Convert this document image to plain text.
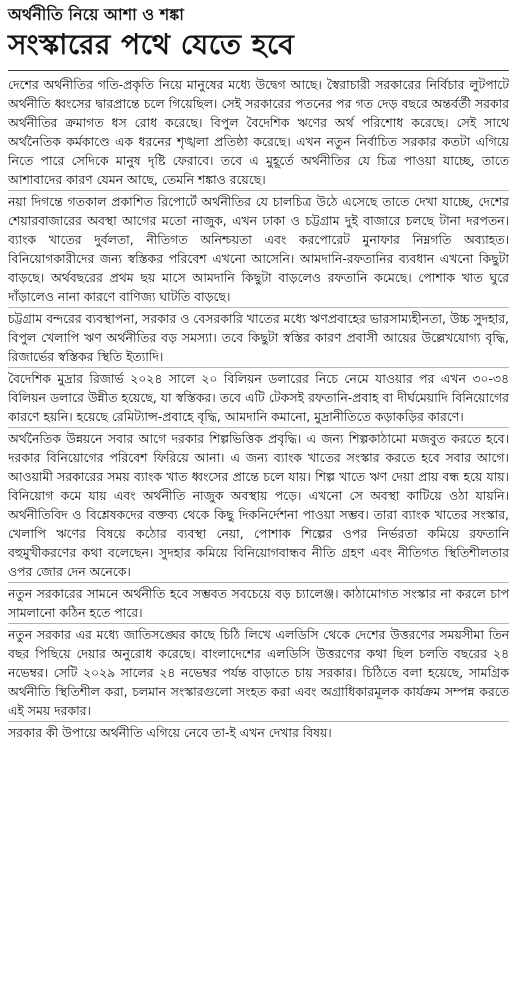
অর্থনীতি নিয়ে আশা ও শঙ্কা
সংস্কারের পথে যেতে হবে

দেশের অর্থনীতির গতি-প্রকৃতি নিয়ে মানুষের মধ্যে উদ্বেগ আছে। স্বৈরাচারী সরকারের নির্বিচার লুটপাটে অর্থনীতি ধ্বংসের দ্বারপ্রান্তে চলে গিয়েছিল। সেই সরকারের পতনের পর গত দেড় বছরে অন্তর্বর্তী সরকার অর্থনীতির ক্রমাগত ধস রোধ করেছে। বিপুল বৈদেশিক ঋণের অর্থ পরিশোধ করেছে। সেই সাথে অর্থনৈতিক কর্মকাণ্ডে এক ধরনের শৃঙ্খলা প্রতিষ্ঠা করেছে। এখন নতুন নির্বাচিত সরকার কতটা এগিয়ে নিতে পারে সেদিকে মানুষ দৃষ্টি ফেরাবে। তবে এ মুহূর্তে অর্থনীতির যে চিত্র পাওয়া যাচ্ছে, তাতে আশাবাদের কারণ যেমন আছে, তেমনি শঙ্কাও রয়েছে।

নয়া দিগন্তে গতকাল প্রকাশিত রিপোর্টে অর্থনীতির যে চালচিত্র উঠে এসেছে তাতে দেখা যাচ্ছে, দেশের শেয়ারবাজারের অবস্থা আগের মতো নাজুক, এখন ঢাকা ও চট্টগ্রাম দুই বাজারে চলছে টানা দরপতন। ব্যাংক খাতের দুর্বলতা, নীতিগত অনিশ্চয়তা এবং করপোরেট মুনাফার নিম্নগতি অব্যাহত। বিনিয়োগকারীদের জন্য স্বস্তিকর পরিবেশ এখনো আসেনি। আমদানি-রফতানির ব্যবধান এখনো কিছুটা বাড়ছে। অর্থবছরের প্রথম ছয় মাসে আমদানি কিছুটা বাড়লেও রফতানি কমেছে। পোশাক খাত ঘুরে দাঁড়ালেও নানা কারণে বাণিজ্য ঘাটতি বাড়ছে।

চট্টগ্রাম বন্দরের ব্যবস্থাপনা, সরকার ও বেসরকারি খাতের মধ্যে ঋণপ্রবাহের ভারসাম্যহীনতা, উচ্চ সুদহার, বিপুল খেলাপি ঋণ অর্থনীতির বড় সমস্যা। তবে কিছুটা স্বস্তির কারণ প্রবাসী আয়ের উল্লেখযোগ্য বৃদ্ধি, রিজার্ভের স্বস্তিকর স্থিতি ইত্যাদি।

বৈদেশিক মুদ্রার রিজার্ভ ২০২৪ সালে ২০ বিলিয়ন ডলারের নিচে নেমে যাওয়ার পর এখন ৩০-৩৪ বিলিয়ন ডলারে উন্নীত হয়েছে, যা স্বস্তিকর। তবে এটি টেকসই রফতানি-প্রবাহ বা দীর্ঘমেয়াদি বিনিয়োগের কারণে হয়নি। হয়েছে রেমিট্যান্স-প্রবাহে বৃদ্ধি, আমদানি কমানো, মুদ্রানীতিতে কড়াকড়ির কারণে।

অর্থনৈতিক উন্নয়নে সবার আগে দরকার শিল্পভিত্তিক প্রবৃদ্ধি। এ জন্য শিল্পকাঠামো মজবুত করতে হবে। দরকার বিনিয়োগের পরিবেশ ফিরিয়ে আনা। এ জন্য ব্যাংক খাতের সংস্কার করতে হবে সবার আগে। আওয়ামী সরকারের সময় ব্যাংক খাত ধ্বংসের প্রান্তে চলে যায়। শিল্প খাতে ঋণ দেয়া প্রায় বন্ধ হয়ে যায়। বিনিয়োগ কমে যায় এবং অর্থনীতি নাজুক অবস্থায় পড়ে। এখনো সে অবস্থা কাটিয়ে ওঠা যায়নি। অর্থনীতিবিদ ও বিশ্লেষকদের বক্তব্য থেকে কিছু দিকনির্দেশনা পাওয়া সম্ভব। তারা ব্যাংক খাতের সংস্কার, খেলাপি ঋণের বিষয়ে কঠোর ব্যবস্থা নেয়া, পোশাক শিল্পের ওপর নির্ভরতা কমিয়ে রফতানি বহুমুখীকরণের কথা বলেছেন। সুদহার কমিয়ে বিনিয়োগবান্ধব নীতি গ্রহণ এবং নীতিগত স্থিতিশীলতার ওপর জোর দেন অনেকে।

নতুন সরকারের সামনে অর্থনীতি হবে সম্ভবত সবচেয়ে বড় চ্যালেঞ্জ। কাঠামোগত সংস্কার না করলে চাপ সামলানো কঠিন হতে পারে।

নতুন সরকার এর মধ্যে জাতিসঙ্ঘের কাছে চিঠি লিখে এলডিসি থেকে দেশের উত্তরণের সময়সীমা তিন বছর পিছিয়ে দেয়ার অনুরোধ করেছে। বাংলাদেশের এলডিসি উত্তরণের কথা ছিল চলতি বছরের ২৪ নভেম্বর। সেটি ২০২৯ সালের ২৪ নভেম্বর পর্যন্ত বাড়াতে চায় সরকার। চিঠিতে বলা হয়েছে, সামগ্রিক অর্থনীতি স্থিতিশীল করা, চলমান সংস্কারগুলো সংহত করা এবং অগ্রাধিকারমূলক কার্যক্রম সম্পন্ন করতে এই সময় দরকার।

সরকার কী উপায়ে অর্থনীতি এগিয়ে নেবে তা-ই এখন দেখার বিষয়।
